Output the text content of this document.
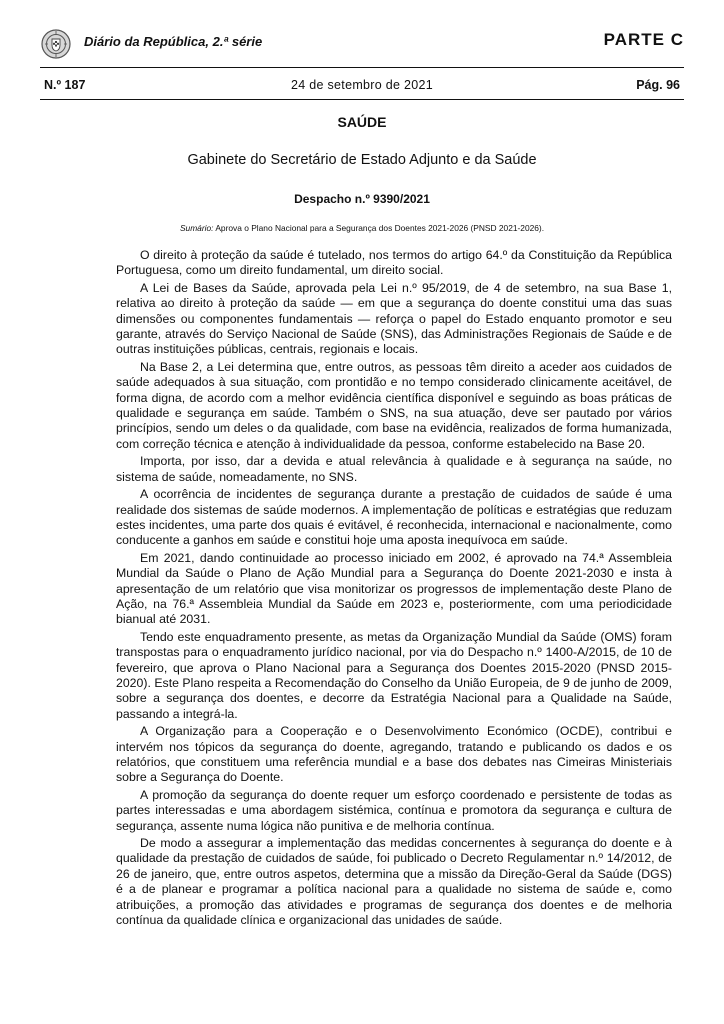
Diário da República, 2.ª série	PARTE C
24 de setembro de 2021
N.º 187	Pág. 96
SAÚDE
Gabinete do Secretário de Estado Adjunto e da Saúde
Despacho n.º 9390/2021
Sumário: Aprova o Plano Nacional para a Segurança dos Doentes 2021-2026 (PNSD 2021-2026).

O direito à proteção da saúde é tutelado, nos termos do artigo 64.º da Constituição da República Portuguesa, como um direito fundamental, um direito social.

A Lei de Bases da Saúde, aprovada pela Lei n.º 95/2019, de 4 de setembro, na sua Base 1, relativa ao direito à proteção da saúde — em que a segurança do doente constitui uma das suas dimensões ou componentes fundamentais — reforça o papel do Estado enquanto promotor e seu garante, através do Serviço Nacional de Saúde (SNS), das Administrações Regionais de Saúde e de outras instituições públicas, centrais, regionais e locais.

Na Base 2, a Lei determina que, entre outros, as pessoas têm direito a aceder aos cuidados de saúde adequados à sua situação, com prontidão e no tempo considerado clinicamente aceitável, de forma digna, de acordo com a melhor evidência científica disponível e seguindo as boas práticas de qualidade e segurança em saúde. Também o SNS, na sua atuação, deve ser pautado por vários princípios, sendo um deles o da qualidade, com base na evidência, realizados de forma humanizada, com correção técnica e atenção à individualidade da pessoa, conforme estabelecido na Base 20.

Importa, por isso, dar a devida e atual relevância à qualidade e à segurança na saúde, no sistema de saúde, nomeadamente, no SNS.

A ocorrência de incidentes de segurança durante a prestação de cuidados de saúde é uma realidade dos sistemas de saúde modernos. A implementação de políticas e estratégias que reduzam estes incidentes, uma parte dos quais é evitável, é reconhecida, internacional e nacionalmente, como conducente a ganhos em saúde e constitui hoje uma aposta inequívoca em saúde.

Em 2021, dando continuidade ao processo iniciado em 2002, é aprovado na 74.ª Assembleia Mundial da Saúde o Plano de Ação Mundial para a Segurança do Doente 2021-2030 e insta à apresentação de um relatório que visa monitorizar os progressos de implementação deste Plano de Ação, na 76.ª Assembleia Mundial da Saúde em 2023 e, posteriormente, com uma periodicidade bianual até 2031.

Tendo este enquadramento presente, as metas da Organização Mundial da Saúde (OMS) foram transpostas para o enquadramento jurídico nacional, por via do Despacho n.º 1400-A/2015, de 10 de fevereiro, que aprova o Plano Nacional para a Segurança dos Doentes 2015-2020 (PNSD 2015-2020). Este Plano respeita a Recomendação do Conselho da União Europeia, de 9 de junho de 2009, sobre a segurança dos doentes, e decorre da Estratégia Nacional para a Qualidade na Saúde, passando a integrá-la.

A Organização para a Cooperação e o Desenvolvimento Económico (OCDE), contribui e intervém nos tópicos da segurança do doente, agregando, tratando e publicando os dados e os relatórios, que constituem uma referência mundial e a base dos debates nas Cimeiras Ministeriais sobre a Segurança do Doente.

A promoção da segurança do doente requer um esforço coordenado e persistente de todas as partes interessadas e uma abordagem sistémica, contínua e promotora da segurança e cultura de segurança, assente numa lógica não punitiva e de melhoria contínua.

De modo a assegurar a implementação das medidas concernentes à segurança do doente e à qualidade da prestação de cuidados de saúde, foi publicado o Decreto Regulamentar n.º 14/2012, de 26 de janeiro, que, entre outros aspetos, determina que a missão da Direção-Geral da Saúde (DGS) é a de planear e programar a política nacional para a qualidade no sistema de saúde e, como atribuições, a promoção das atividades e programas de segurança dos doentes e de melhoria contínua da qualidade clínica e organizacional das unidades de saúde.
